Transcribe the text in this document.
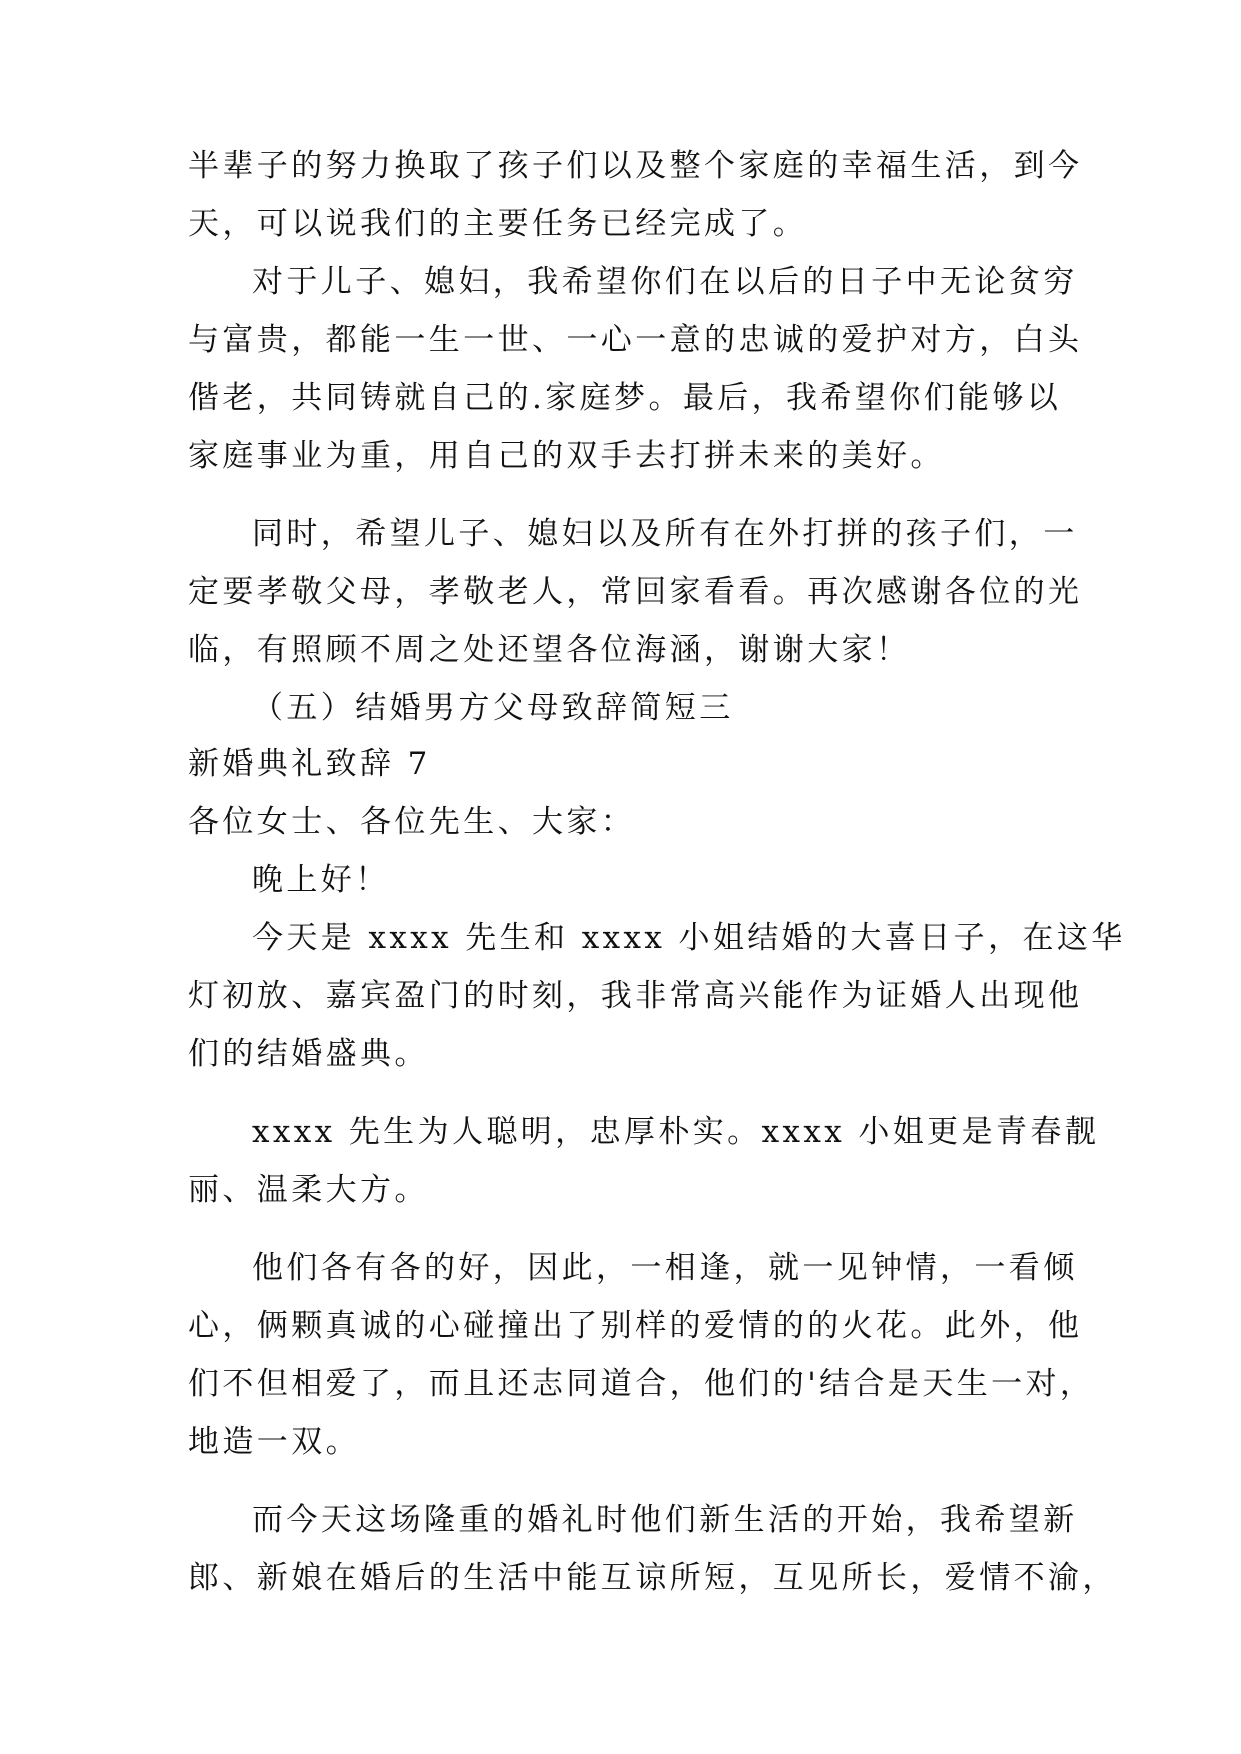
半辈子的努力换取了孩子们以及整个家庭的幸福生活，到今

天，可以说我们的主要任务已经完成了。

对于儿子、媳妇，我希望你们在以后的日子中无论贫穷

与富贵，都能一生一世、一心一意的忠诚的爱护对方，白头

偕老，共同铸就自己的.家庭梦。最后，我希望你们能够以

家庭事业为重，用自己的双手去打拼未来的美好。

同时，希望儿子、媳妇以及所有在外打拼的孩子们，一

定要孝敬父母，孝敬老人，常回家看看。再次感谢各位的光

临，有照顾不周之处还望各位海涵，谢谢大家！

（五）结婚男方父母致辞简短三

新婚典礼致辞 7

各位女士、各位先生、大家：

晚上好！

今天是 xxxx 先生和 xxxx 小姐结婚的大喜日子，在这华

灯初放、嘉宾盈门的时刻，我非常高兴能作为证婚人出现他

们的结婚盛典。

xxxx 先生为人聪明，忠厚朴实。xxxx 小姐更是青春靓

丽、温柔大方。

他们各有各的好，因此，一相逢，就一见钟情，一看倾

心，俩颗真诚的心碰撞出了别样的爱情的的火花。此外，他

们不但相爱了，而且还志同道合，他们的'结合是天生一对，

地造一双。

而今天这场隆重的婚礼时他们新生活的开始，我希望新

郎、新娘在婚后的生活中能互谅所短，互见所长，爱情不渝，
